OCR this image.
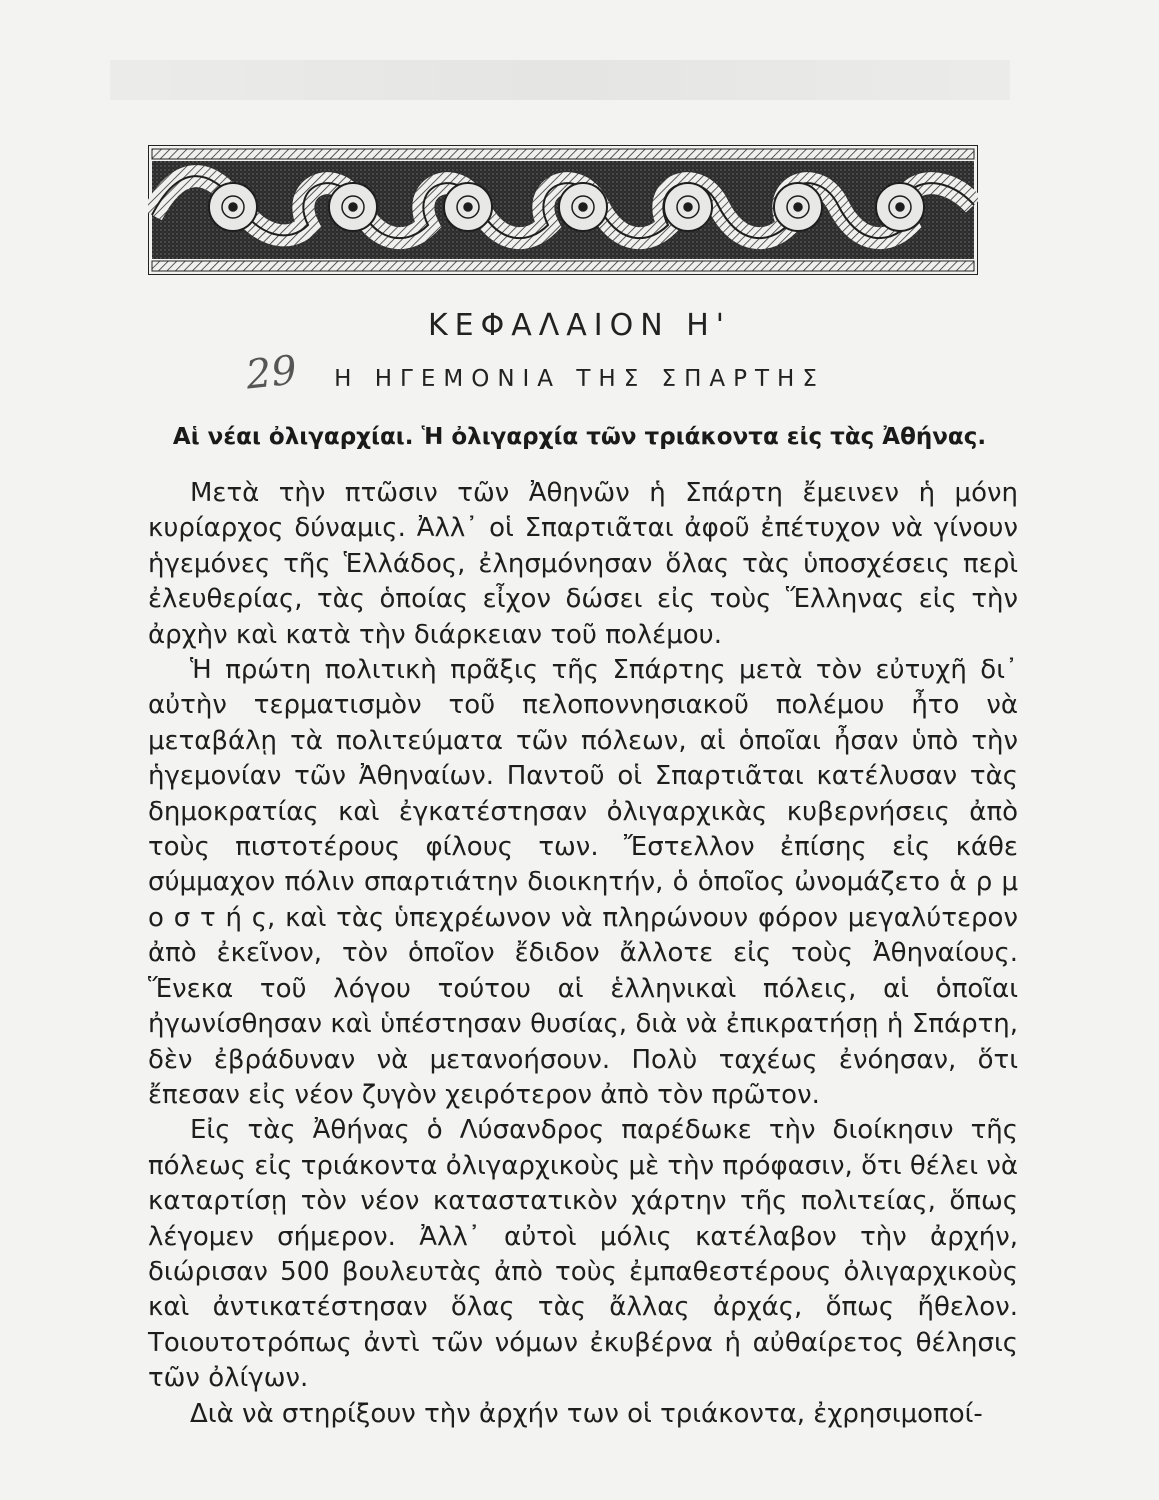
ΚΕΦΑΛΑΙΟΝ Η'
29	Η ΗΓΕΜΟΝΙΑ ΤΗΣ ΣΠΑΡΤΗΣ
Αἱ νέαι ὀλιγαρχίαι. Ἡ ὀλιγαρχία τῶν τριάκοντα εἰς τὰς Ἀθήνας.

Μετὰ τὴν πτῶσιν τῶν Ἀθηνῶν ἡ Σπάρτη ἔμεινεν ἡ μόνη κυρίαρχος δύναμις. Ἀλλ᾿ οἱ Σπαρτιᾶται ἀφοῦ ἐπέτυχον νὰ γίνουν ἡγεμόνες τῆς Ἑλλάδος, ἐλησμόνησαν ὅλας τὰς ὑποσχέσεις περὶ ἐλευθερίας, τὰς ὁποίας εἶχον δώσει εἰς τοὺς Ἕλληνας εἰς τὴν ἀρχὴν καὶ κατὰ τὴν διάρκειαν τοῦ πολέμου.

Ἡ πρώτη πολιτικὴ πρᾶξις τῆς Σπάρτης μετὰ τὸν εὐτυχῆ δι᾿ αὐτὴν τερματισμὸν τοῦ πελοποννησιακοῦ πολέμου ἦτο νὰ μεταβάλῃ τὰ πολιτεύματα τῶν πόλεων, αἱ ὁποῖαι ἦσαν ὑπὸ τὴν ἡγεμονίαν τῶν Ἀθηναίων. Παντοῦ οἱ Σπαρτιᾶται κατέλυσαν τὰς δημοκρατίας καὶ ἐγκατέστησαν ὀλιγαρχικὰς κυβερνήσεις ἀπὸ τοὺς πιστοτέρους φίλους των. Ἔστελλον ἐπίσης εἰς κάθε σύμμαχον πόλιν σπαρτιάτην διοικητήν, ὁ ὁποῖος ὠνομάζετο ἁ ρ μ ο σ τ ή ς, καὶ τὰς ὑπεχρέωνον νὰ πληρώνουν φόρον μεγαλύτερον ἀπὸ ἐκεῖνον, τὸν ὁποῖον ἔδιδον ἄλλοτε εἰς τοὺς Ἀθηναίους. Ἕνεκα τοῦ λόγου τούτου αἱ ἑλληνικαὶ πόλεις, αἱ ὁποῖαι ἠγωνίσθησαν καὶ ὑπέστησαν θυσίας, διὰ νὰ ἐπικρατήσῃ ἡ Σπάρτη, δὲν ἐβράδυναν νὰ μετανοήσουν. Πολὺ ταχέως ἐνόησαν, ὅτι ἔπεσαν εἰς νέον ζυγὸν χειρότερον ἀπὸ τὸν πρῶτον.

Εἰς τὰς Ἀθήνας ὁ Λύσανδρος παρέδωκε τὴν διοίκησιν τῆς πόλεως εἰς τριάκοντα ὀλιγαρχικοὺς μὲ τὴν πρόφασιν, ὅτι θέλει νὰ καταρτίσῃ τὸν νέον καταστατικὸν χάρτην τῆς πολιτείας, ὅπως λέγομεν σήμερον. Ἀλλ᾿ αὐτοὶ μόλις κατέλαβον τὴν ἀρχήν, διώρισαν 500 βουλευτὰς ἀπὸ τοὺς ἐμπαθεστέρους ὀλιγαρχικοὺς καὶ ἀντικατέστησαν ὅλας τὰς ἄλλας ἀρχάς, ὅπως ἤθελον. Τοιουτοτρόπως ἀντὶ τῶν νόμων ἐκυβέρνα ἡ αὐθαίρετος θέλησις τῶν ὀλίγων.

Διὰ νὰ στηρίξουν τὴν ἀρχήν των οἱ τριάκοντα, ἐχρησιμοποί-
